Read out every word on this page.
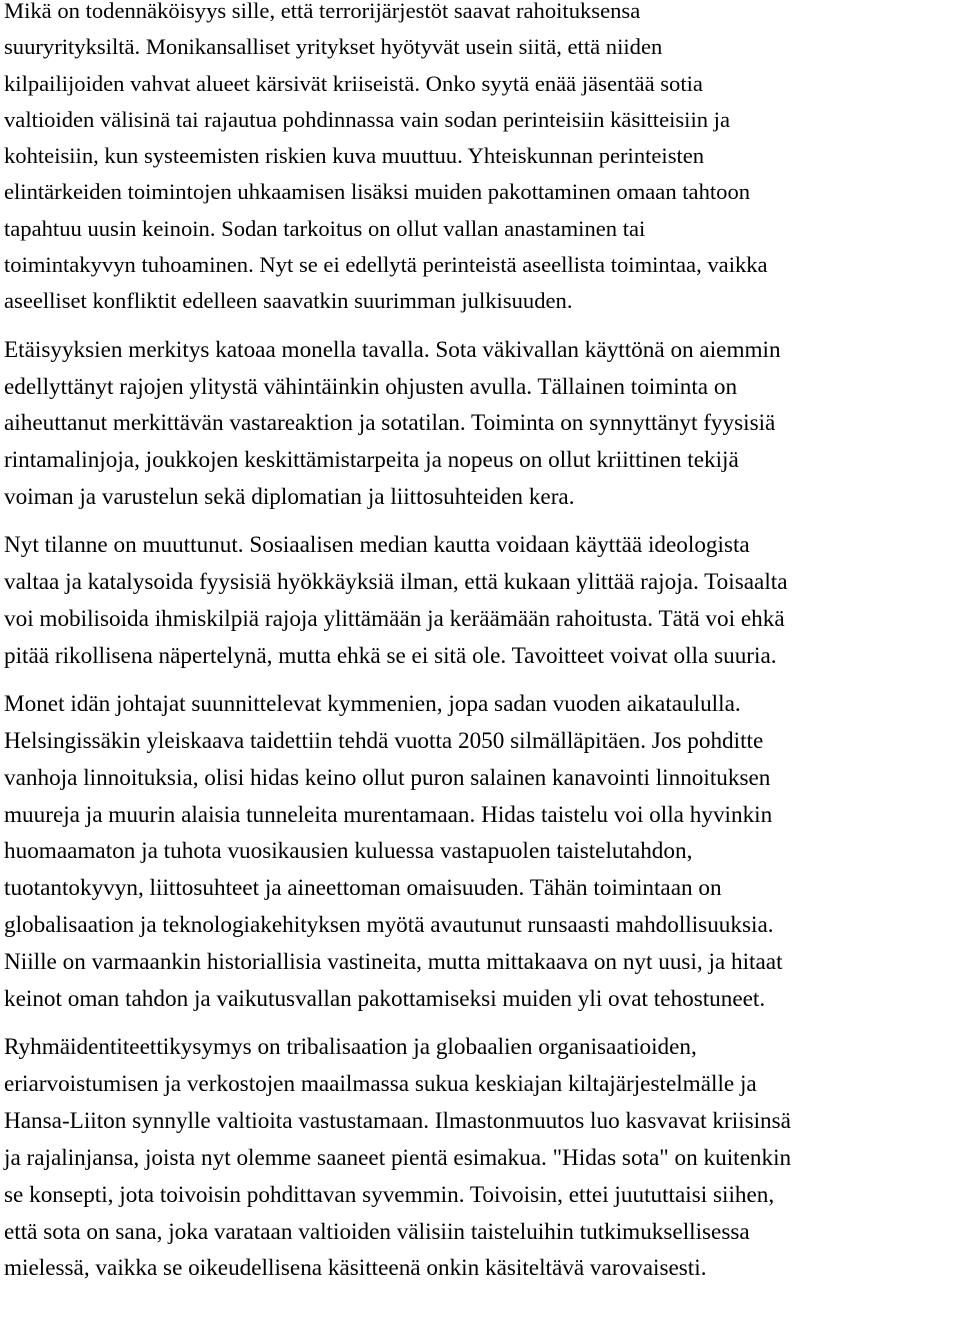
Mikä on todennäköisyys sille, että terrorijärjestöt saavat rahoituksensa
suuryrityksiltä. Monikansalliset yritykset hyötyvät usein siitä, että niiden
kilpailijoiden vahvat alueet kärsivät kriiseistä. Onko syytä enää jäsentää sotia
valtioiden välisinä tai rajautua pohdinnassa vain sodan perinteisiin käsitteisiin ja
kohteisiin, kun systeemisten riskien kuva muuttuu. Yhteiskunnan perinteisten
elintärkeiden toimintojen uhkaamisen lisäksi muiden pakottaminen omaan tahtoon
tapahtuu uusin keinoin. Sodan tarkoitus on ollut vallan anastaminen tai
toimintakyvyn tuhoaminen. Nyt se ei edellytä perinteistä aseellista toimintaa, vaikka
aseelliset konfliktit edelleen saavatkin suurimman julkisuuden.

Etäisyyksien merkitys katoaa monella tavalla. Sota väkivallan käyttönä on aiemmin
edellyttänyt rajojen ylitystä vähintäinkin ohjusten avulla. Tällainen toiminta on
aiheuttanut merkittävän vastareaktion ja sotatilan. Toiminta on synnyttänyt fyysisiä
rintamalinjoja, joukkojen keskittämistarpeita ja nopeus on ollut kriittinen tekijä
voiman ja varustelun sekä diplomatian ja liittosuhteiden kera.

Nyt tilanne on muuttunut. Sosiaalisen median kautta voidaan käyttää ideologista
valtaa ja katalysoida fyysisiä hyökkäyksiä ilman, että kukaan ylittää rajoja. Toisaalta
voi mobilisoida ihmiskilpiä rajoja ylittämään ja keräämään rahoitusta. Tätä voi ehkä
pitää rikollisena näpertelynä, mutta ehkä se ei sitä ole. Tavoitteet voivat olla suuria.

Monet idän johtajat suunnittelevat kymmenien, jopa sadan vuoden aikataululla.
Helsingissäkin yleiskaava taidettiin tehdä vuotta 2050 silmälläpitäen. Jos pohditte
vanhoja linnoituksia, olisi hidas keino ollut puron salainen kanavointi linnoituksen
muureja ja muurin alaisia tunneleita murentamaan. Hidas taistelu voi olla hyvinkin
huomaamaton ja tuhota vuosikausien kuluessa vastapuolen taistelutahdon,
tuotantokyvyn, liittosuhteet ja aineettoman omaisuuden. Tähän toimintaan on
globalisaation ja teknologiakehityksen myötä avautunut runsaasti mahdollisuuksia.
Niille on varmaankin historiallisia vastineita, mutta mittakaava on nyt uusi, ja hitaat
keinot oman tahdon ja vaikutusvallan pakottamiseksi muiden yli ovat tehostuneet.

Ryhmäidentiteettikysymys on tribalisaation ja globaalien organisaatioiden,
eriarvoistumisen ja verkostojen maailmassa sukua keskiajan kiltajärjestelmälle ja
Hansa-Liiton synnylle valtioita vastustamaan. Ilmastonmuutos luo kasvavat kriisinsä
ja rajalinjansa, joista nyt olemme saaneet pientä esimakua. "Hidas sota" on kuitenkin
se konsepti, jota toivoisin pohdittavan syvemmin. Toivoisin, ettei juututtaisi siihen,
että sota on sana, joka varataan valtioiden välisiin taisteluihin tutkimuksellisessa
mielessä, vaikka se oikeudellisena käsitteenä onkin käsiteltävä varovaisesti.
